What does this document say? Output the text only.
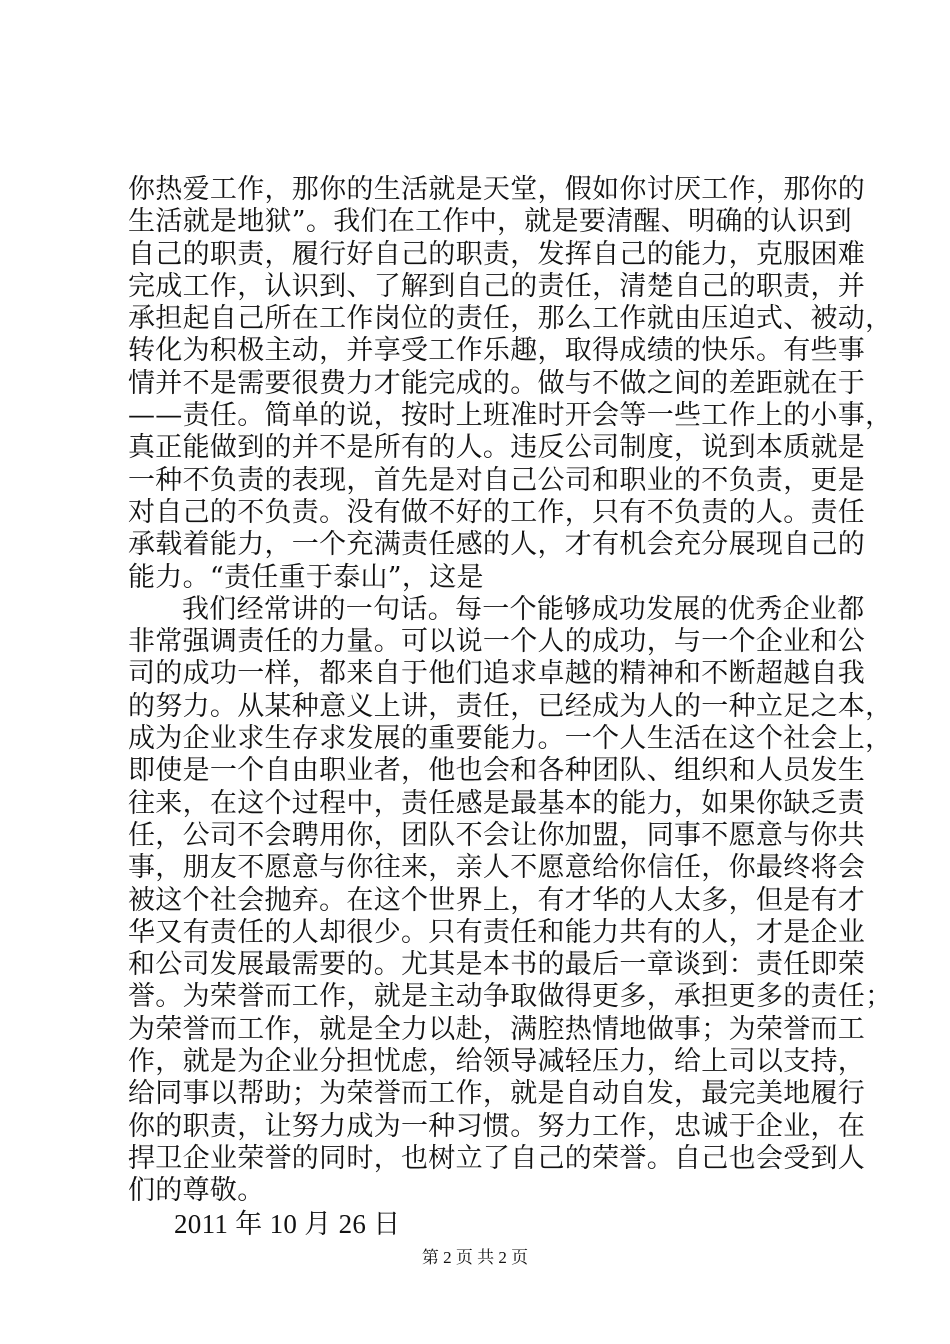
你热爱工作，那你的生活就是天堂，假如你讨厌工作，那你的
生活就是地狱”。我们在工作中，就是要清醒、明确的认识到
自己的职责，履行好自己的职责，发挥自己的能力，克服困难
完成工作，认识到、了解到自己的责任，清楚自己的职责，并
承担起自己所在工作岗位的责任，那么工作就由压迫式、被动，
转化为积极主动，并享受工作乐趣，取得成绩的快乐。有些事
情并不是需要很费力才能完成的。做与不做之间的差距就在于
——责任。简单的说，按时上班准时开会等一些工作上的小事，
真正能做到的并不是所有的人。违反公司制度，说到本质就是
一种不负责的表现，首先是对自己公司和职业的不负责，更是
对自己的不负责。没有做不好的工作，只有不负责的人。责任
承载着能力，一个充满责任感的人，才有机会充分展现自己的
能力。“责任重于泰山”，这是
我们经常讲的一句话。每一个能够成功发展的优秀企业都
非常强调责任的力量。可以说一个人的成功，与一个企业和公
司的成功一样，都来自于他们追求卓越的精神和不断超越自我
的努力。从某种意义上讲，责任，已经成为人的一种立足之本，
成为企业求生存求发展的重要能力。一个人生活在这个社会上，
即使是一个自由职业者，他也会和各种团队、组织和人员发生
往来，在这个过程中，责任感是最基本的能力，如果你缺乏责
任，公司不会聘用你，团队不会让你加盟，同事不愿意与你共
事，朋友不愿意与你往来，亲人不愿意给你信任，你最终将会
被这个社会抛弃。在这个世界上，有才华的人太多，但是有才
华又有责任的人却很少。只有责任和能力共有的人，才是企业
和公司发展最需要的。尤其是本书的最后一章谈到：责任即荣
誉。为荣誉而工作，就是主动争取做得更多，承担更多的责任；
为荣誉而工作，就是全力以赴，满腔热情地做事；为荣誉而工
作，就是为企业分担忧虑，给领导减轻压力，给上司以支持，
给同事以帮助；为荣誉而工作，就是自动自发，最完美地履行
你的职责，让努力成为一种习惯。努力工作，忠诚于企业，在
捍卫企业荣誉的同时，也树立了自己的荣誉。自己也会受到人
们的尊敬。
2011 年 10 月 26 日
第 2 页 共 2 页
